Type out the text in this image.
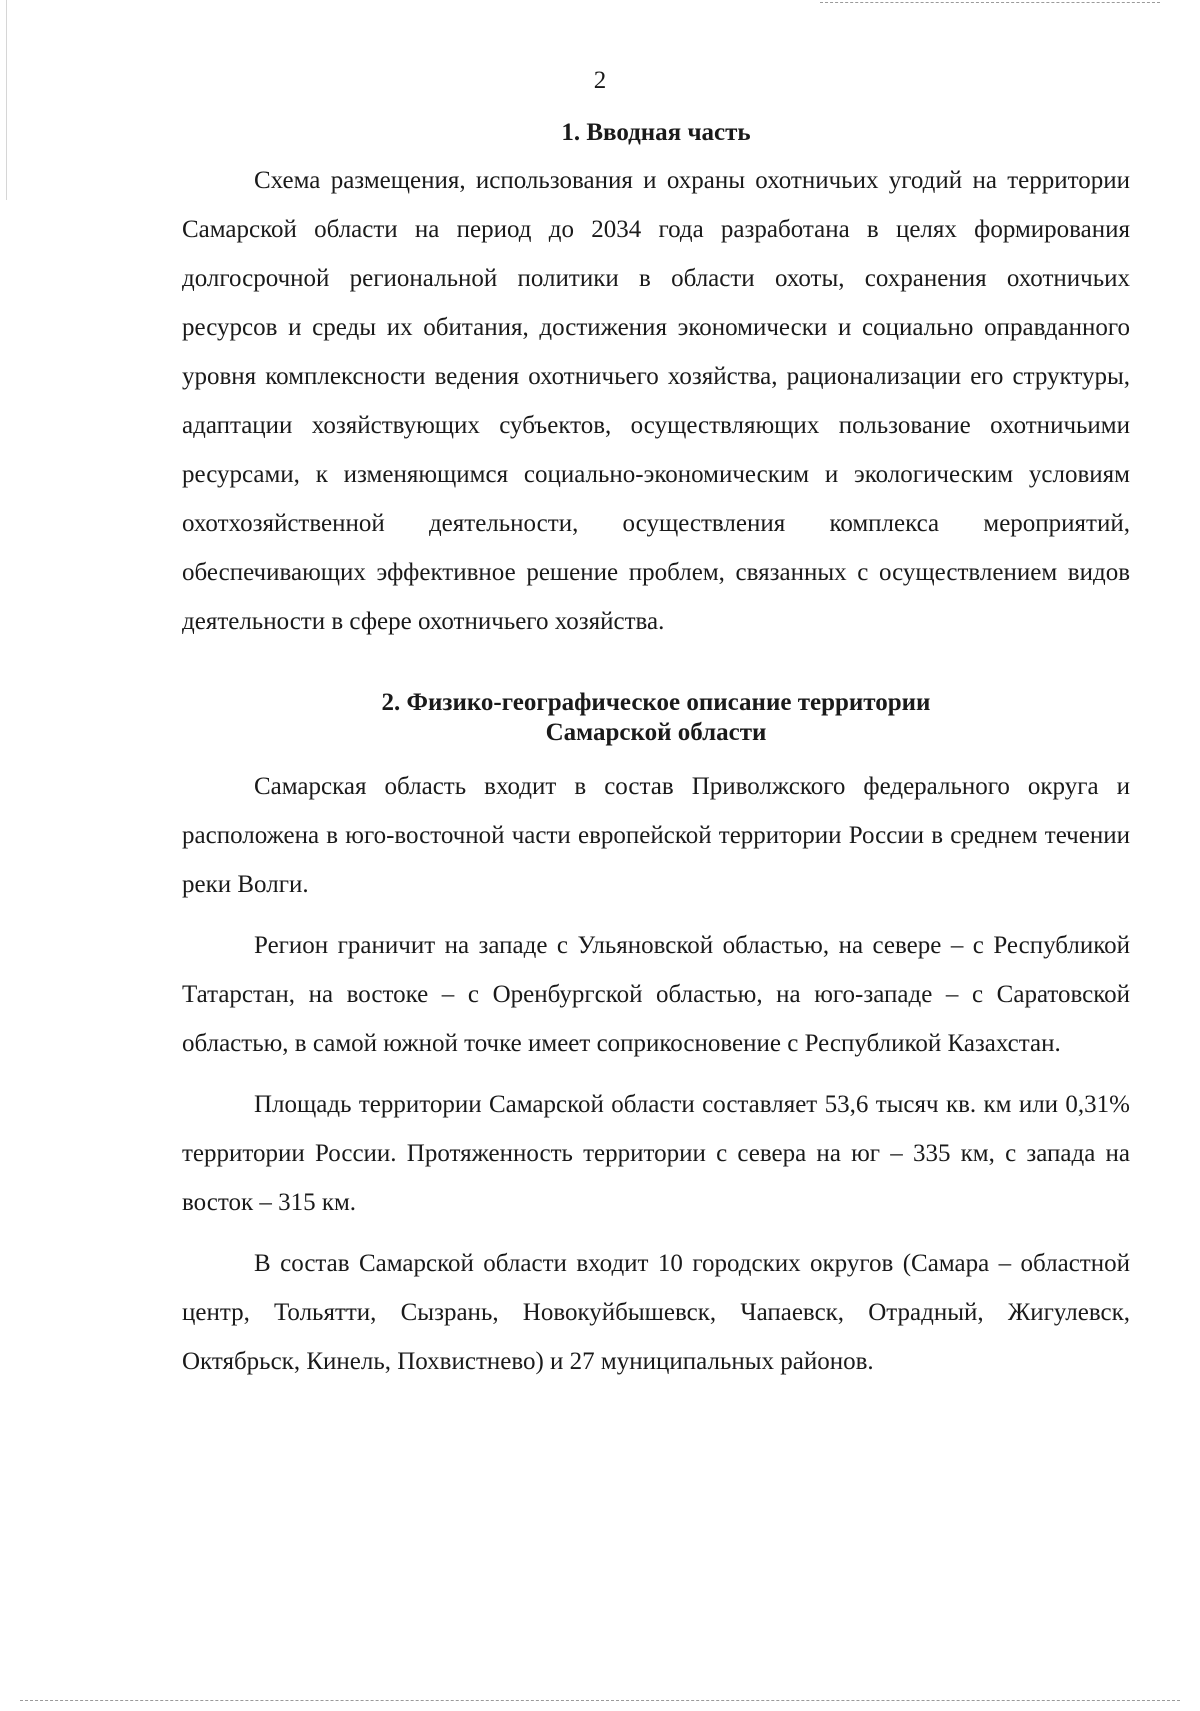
2
1. Вводная часть

Схема размещения, использования и охраны охотничьих угодий на территории Самарской области на период до 2034 года разработана в целях формирования долгосрочной региональной политики в области охоты, сохранения охотничьих ресурсов и среды их обитания, достижения экономически и социально оправданного уровня комплексности ведения охотничьего хозяйства, рационализации его структуры, адаптации хозяйствующих субъектов, осуществляющих пользование охотничьими ресурсами, к изменяющимся социально-экономическим и экологическим условиям охотхозяйственной деятельности, осуществления комплекса мероприятий, обеспечивающих эффективное решение проблем, связанных с осуществлением видов деятельности в сфере охотничьего хозяйства.

2. Физико-географическое описание территории
Самарской области

Самарская область входит в состав Приволжского федерального округа и расположена в юго-восточной части европейской территории России в среднем течении реки Волги.

Регион граничит на западе с Ульяновской областью, на севере – с Республикой Татарстан, на востоке – с Оренбургской областью, на юго-западе – с Саратовской областью, в самой южной точке имеет соприкосновение с Республикой Казахстан.

Площадь территории Самарской области составляет 53,6 тысяч кв. км или 0,31% территории России. Протяженность территории с севера на юг – 335 км, с запада на восток – 315 км.

В состав Самарской области входит 10 городских округов (Самара – областной центр, Тольятти, Сызрань, Новокуйбышевск, Чапаевск, Отрадный, Жигулевск, Октябрьск, Кинель, Похвистнево) и 27 муниципальных районов.
